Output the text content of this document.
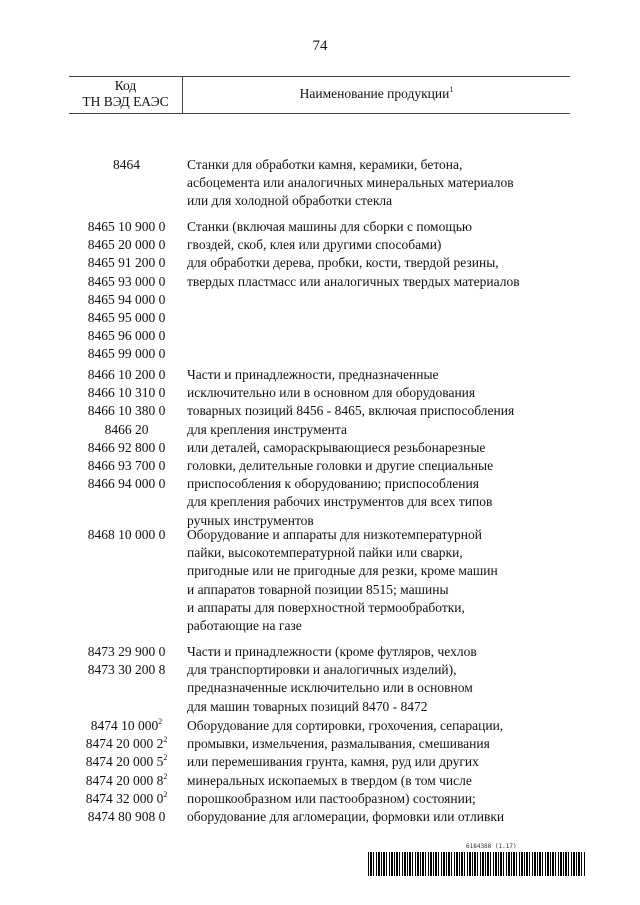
74
Код
ТН ВЭД ЕАЭС
Наименование продукции$^1$
8464	Станки для обработки камня, керамики, бетона,
асбоцемента или аналогичных минеральных материалов
или для холодной обработки стекла
8465 10 900 0
8465 20 000 0
8465 91 200 0
8465 93 000 0
8465 94 000 0
8465 95 000 0
8465 96 000 0
8465 99 000 0
Станки (включая машины для сборки с помощью
гвоздей, скоб, клея или другими способами)
для обработки дерева, пробки, кости, твердой резины,
твердых пластмасс или аналогичных твердых материалов
8466 10 200 0
8466 10 310 0
8466 10 380 0
8466 20
8466 92 800 0
8466 93 700 0
8466 94 000 0
Части и принадлежности, предназначенные
исключительно или в основном для оборудования
товарных позиций 8456 - 8465, включая приспособления
для крепления инструмента
или деталей, самораскрывающиеся резьбонарезные
головки, делительные головки и другие специальные
приспособления к оборудованию; приспособления
для крепления рабочих инструментов для всех типов
ручных инструментов
8468 10 000 0	Оборудование и аппараты для низкотемпературной
пайки, высокотемпературной пайки или сварки,
пригодные или не пригодные для резки, кроме машин
и аппаратов товарной позиции 8515; машины
и аппараты для поверхностной термообработки,
работающие на газе
8473 29 900 0
8473 30 200 8
Части и принадлежности (кроме футляров, чехлов
для транспортировки и аналогичных изделий),
предназначенные исключительно или в основном
для машин товарных позиций 8470 - 8472
8474 10 $000^2$
8474 20 000 $2^2$
8474 20 000 $5^2$
8474 20 000 $8^2$
8474 32 000 $0^2$
8474 80 908 0
Оборудование для сортировки, грохочения, сепарации,
промывки, измельчения, размалывания, смешивания
или перемешивания грунта, камня, руд или других
минеральных ископаемых в твердом (в том числе
порошкообразном или пастообразном) состоянии;
оборудование для агломерации, формовки или отливки
6184388 (1.17)
